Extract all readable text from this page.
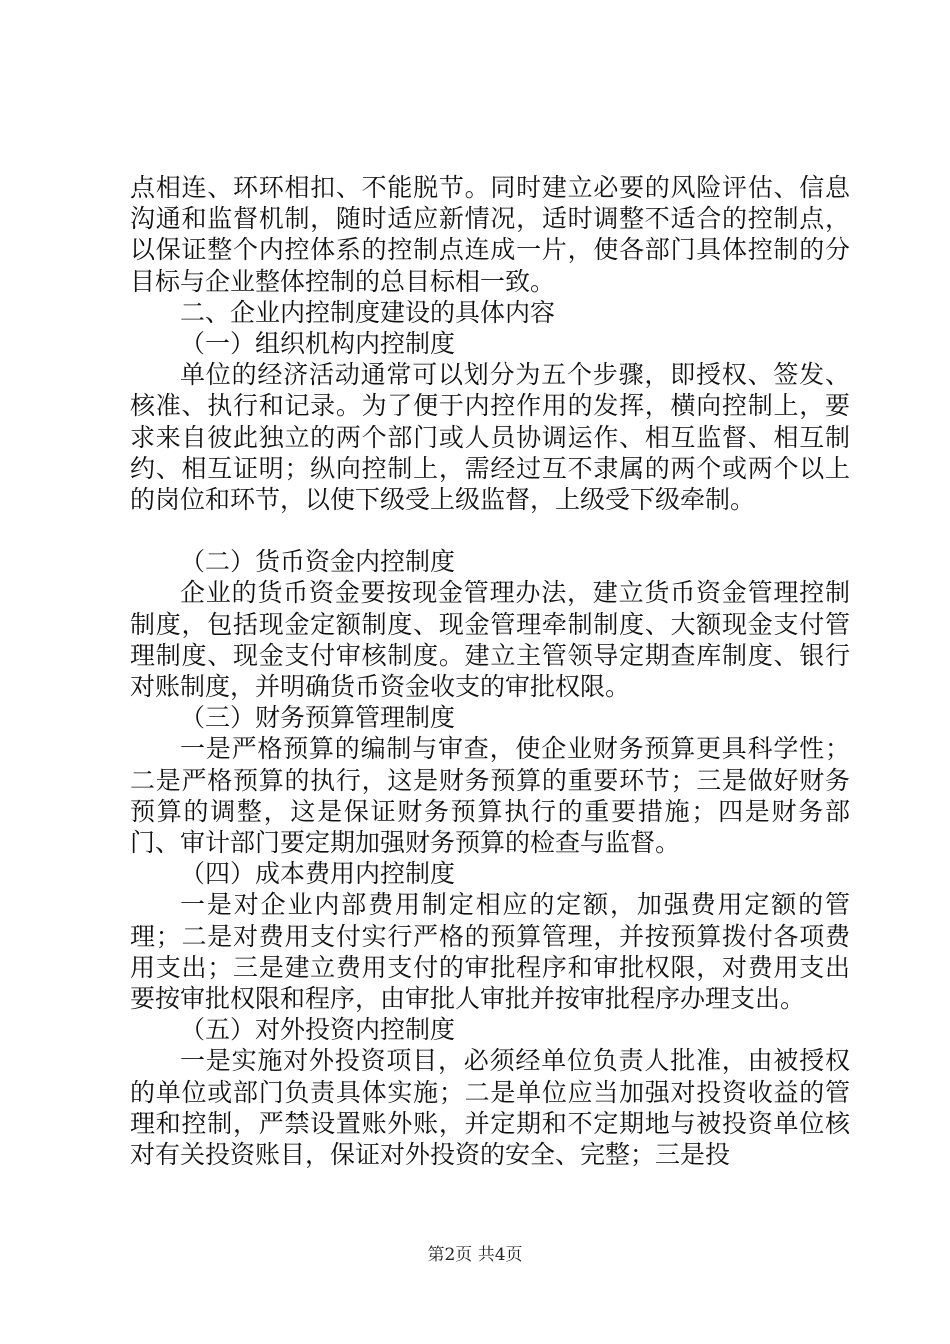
点相连、环环相扣、不能脱节。同时建立必要的风险评估、信息沟通和监督机制，随时适应新情况，适时调整不适合的控制点，以保证整个内控体系的控制点连成一片，使各部门具体控制的分目标与企业整体控制的总目标相一致。

二、企业内控制度建设的具体内容

（一）组织机构内控制度

单位的经济活动通常可以划分为五个步骤，即授权、签发、核准、执行和记录。为了便于内控作用的发挥，横向控制上，要求来自彼此独立的两个部门或人员协调运作、相互监督、相互制约、相互证明；纵向控制上，需经过互不隶属的两个或两个以上的岗位和环节，以使下级受上级监督，上级受下级牵制。

（二）货币资金内控制度

企业的货币资金要按现金管理办法，建立货币资金管理控制制度，包括现金定额制度、现金管理牵制制度、大额现金支付管理制度、现金支付审核制度。建立主管领导定期查库制度、银行对账制度，并明确货币资金收支的审批权限。

（三）财务预算管理制度

一是严格预算的编制与审查，使企业财务预算更具科学性；二是严格预算的执行，这是财务预算的重要环节；三是做好财务预算的调整，这是保证财务预算执行的重要措施；四是财务部门、审计部门要定期加强财务预算的检查与监督。

（四）成本费用内控制度

一是对企业内部费用制定相应的定额，加强费用定额的管理；二是对费用支付实行严格的预算管理，并按预算拨付各项费用支出；三是建立费用支付的审批程序和审批权限，对费用支出要按审批权限和程序，由审批人审批并按审批程序办理支出。

（五）对外投资内控制度

一是实施对外投资项目，必须经单位负责人批准，由被授权的单位或部门负责具体实施；二是单位应当加强对投资收益的管理和控制，严禁设置账外账，并定期和不定期地与被投资单位核对有关投资账目，保证对外投资的安全、完整；三是投

第2页 共4页
